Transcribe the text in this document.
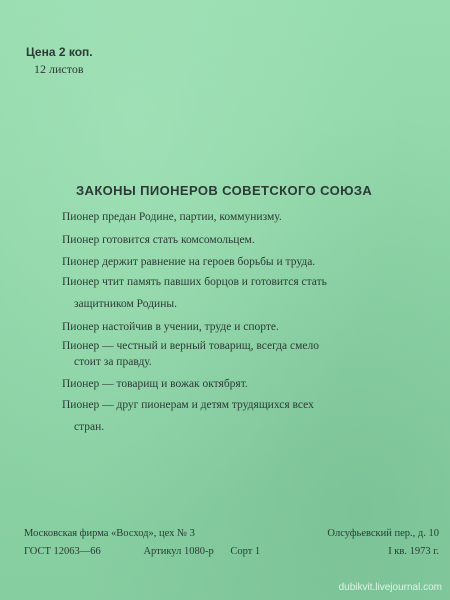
Цена 2 коп.
12 листов
ЗАКОНЫ ПИОНЕРОВ СОВЕТСКОГО СОЮЗА
Пионер предан Родине, партии, коммунизму.
Пионер готовится стать комсомольцем.
Пионер держит равнение на героев борьбы и труда.
Пионер чтит память павших борцов и готовится стать
защитником Родины.
Пионер настойчив в учении, труде и спорте.
Пионер — честный и верный товарищ, всегда смело
стоит за правду.
Пионер — товарищ и вожак октябрят.
Пионер — друг пионерам и детям трудящихся всех
стран.
Московская фирма «Восход», цех № 3	Олсуфьевский пер., д. 10
ГОСТ 12063—66	Артикул 1080-р Сорт 1	I кв. 1973 г.
dubikvit.livejournal.com
